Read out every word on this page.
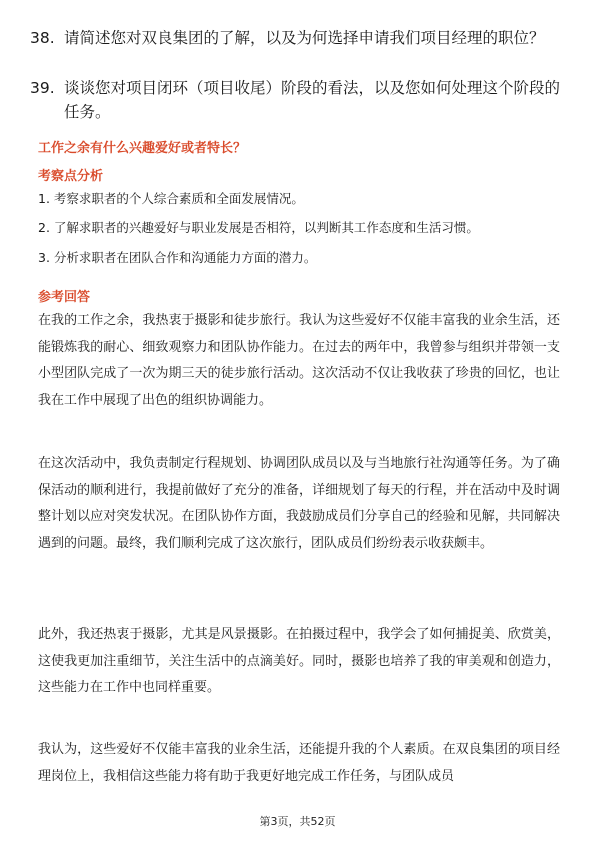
38. 请简述您对双良集团的了解，以及为何选择申请我们项目经理的职位？
39. 谈谈您对项目闭环（项目收尾）阶段的看法，以及您如何处理这个阶段的任务。
工作之余有什么兴趣爱好或者特长？
考察点分析
1. 考察求职者的个人综合素质和全面发展情况。
2. 了解求职者的兴趣爱好与职业发展是否相符，以判断其工作态度和生活习惯。
3. 分析求职者在团队合作和沟通能力方面的潜力。
参考回答
在我的工作之余，我热衷于摄影和徒步旅行。我认为这些爱好不仅能丰富我的业余生活，还能锻炼我的耐心、细致观察力和团队协作能力。在过去的两年中，我曾参与组织并带领一支小型团队完成了一次为期三天的徒步旅行活动。这次活动不仅让我收获了珍贵的回忆，也让我在工作中展现了出色的组织协调能力。
在这次活动中，我负责制定行程规划、协调团队成员以及与当地旅行社沟通等任务。为了确保活动的顺利进行，我提前做好了充分的准备，详细规划了每天的行程，并在活动中及时调整计划以应对突发状况。在团队协作方面，我鼓励成员们分享自己的经验和见解，共同解决遇到的问题。最终，我们顺利完成了这次旅行，团队成员们纷纷表示收获颇丰。
此外，我还热衷于摄影，尤其是风景摄影。在拍摄过程中，我学会了如何捕捉美、欣赏美，这使我更加注重细节，关注生活中的点滴美好。同时，摄影也培养了我的审美观和创造力，这些能力在工作中也同样重要。
我认为，这些爱好不仅能丰富我的业余生活，还能提升我的个人素质。在双良集团的项目经理岗位上，我相信这些能力将有助于我更好地完成工作任务，与团队成员
第3页，共52页
